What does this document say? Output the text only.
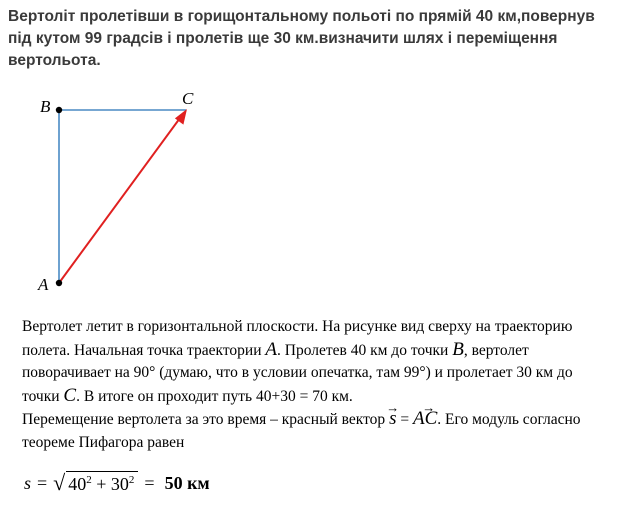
Вертоліт пролетівши в горищонтальному польоті по прямій 40 км,повернув під кутом 99 градсів і пролетів ще 30 км.визначити шлях і переміщення вертольота.
A
B	C
Вертолет летит в горизонтальной плоскости. На рисунке вид сверху на траекторию полета. Начальная точка траектории A. Пролетев 40 км до точки B, вертолет поворачивает на 90° (думаю, что в условии опечатка, там 99°) и пролетает 30 км до точки C. В итоге он проходит путь 40+30 = 70 км.
Перемещение вертолета за это время – красный вектор → s = → AC. Его модуль согласно теореме Пифагора равен
s = √ $40^2 + 30^2 = 50$ км
